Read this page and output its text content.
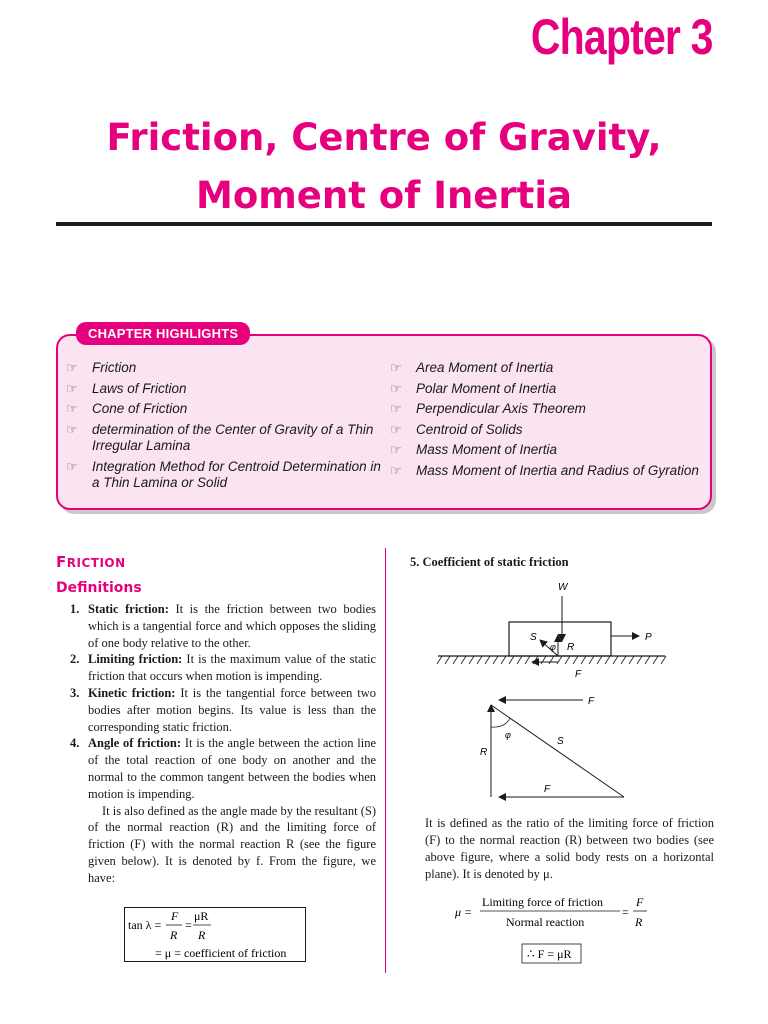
Chapter 3
Friction, Centre of Gravity,
Moment of Inertia
CHAPTER HIGHLIGHTS
☞ Friction
☞ Laws of Friction
☞ Cone of Friction
☞ determination of the Center of Gravity of a Thin Irregular Lamina
☞ Integration Method for Centroid Determination in a Thin Lamina or Solid
☞ Area Moment of Inertia
☞ Polar Moment of Inertia
☞ Perpendicular Axis Theorem
☞ Centroid of Solids
☞ Mass Moment of Inertia
☞ Mass Moment of Inertia and Radius of Gyration
FRICTION
Definitions
1. Static friction: It is the friction between two bodies which is a tangential force and which opposes the sliding of one body relative to the other.
2. Limiting friction: It is the maximum value of the static friction that occurs when motion is impending.
3. Kinetic friction: It is the tangential force between two bodies after motion begins. Its value is less than the corresponding static friction.
4. Angle of friction: It is the angle between the action line of the total reaction of one body on another and the normal to the common tangent between the bodies when motion is impending.
It is also defined as the angle made by the resultant (S) of the normal reaction (R) and the limiting force of friction (F) with the normal reaction R (see the figure given below). It is denoted by f. From the figure, we have:
tan λ =
F
R
=
μR
R
= μ = coefficient of friction
5. Coefficient of static friction
W
P
S
φ R
F
F
φ
S
R
F
It is defined as the ratio of the limiting force of friction (F) to the normal reaction (R) between two bodies (see above figure, where a solid body rests on a horizontal plane). It is denoted by μ.
μ =
Limiting force of friction
Normal reaction
=
F
R
∴ F = μR
